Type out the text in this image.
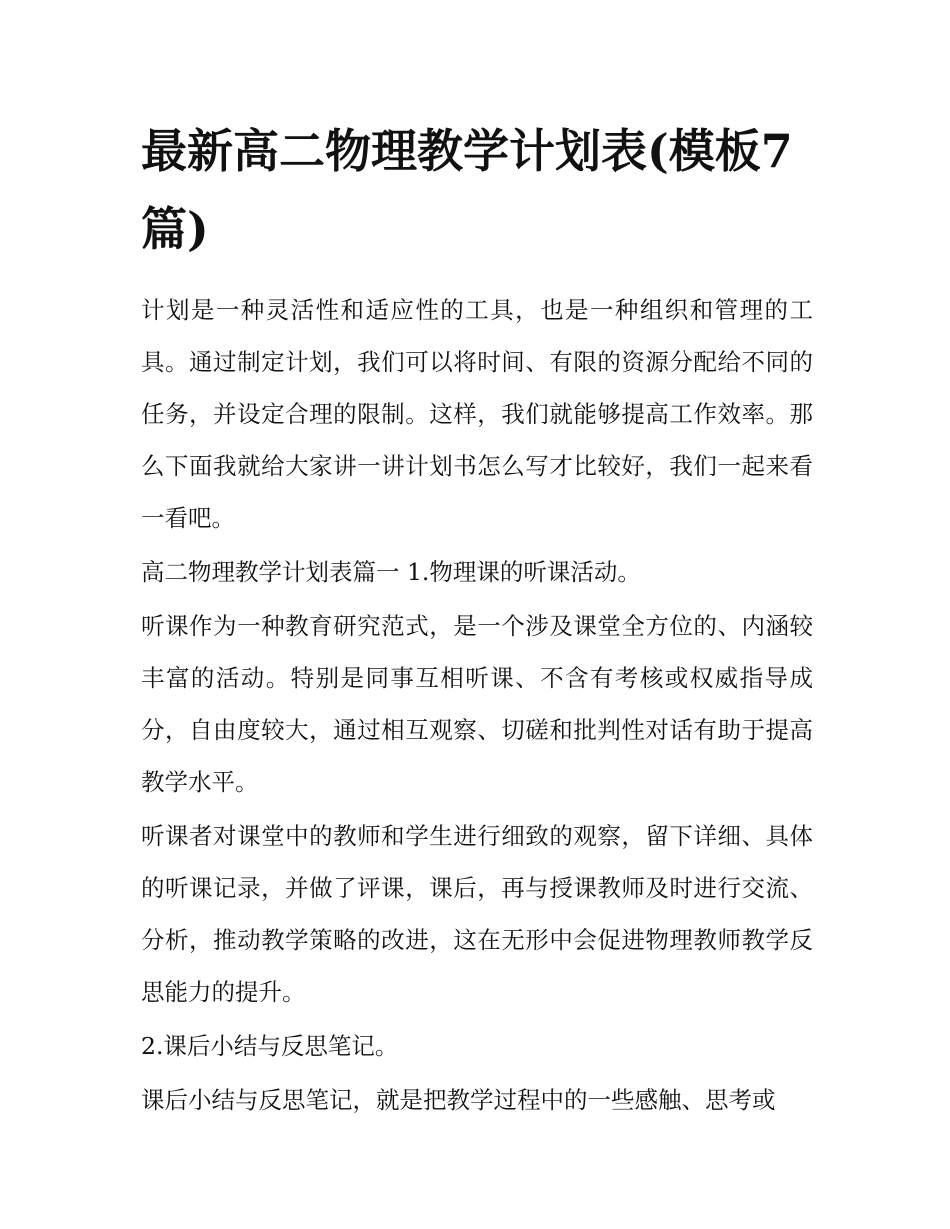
最新高二物理教学计划表(模板7篇)

计划是一种灵活性和适应性的工具，也是一种组织和管理的工具。通过制定计划，我们可以将时间、有限的资源分配给不同的任务，并设定合理的限制。这样，我们就能够提高工作效率。那么下面我就给大家讲一讲计划书怎么写才比较好，我们一起来看一看吧。

高二物理教学计划表篇一 1.物理课的听课活动。

听课作为一种教育研究范式，是一个涉及课堂全方位的、内涵较丰富的活动。特别是同事互相听课、不含有考核或权威指导成分，自由度较大，通过相互观察、切磋和批判性对话有助于提高教学水平。

听课者对课堂中的教师和学生进行细致的观察，留下详细、具体的听课记录，并做了评课，课后，再与授课教师及时进行交流、分析，推动教学策略的改进，这在无形中会促进物理教师教学反思能力的提升。

2.课后小结与反思笔记。

课后小结与反思笔记，就是把教学过程中的一些感触、思考或
